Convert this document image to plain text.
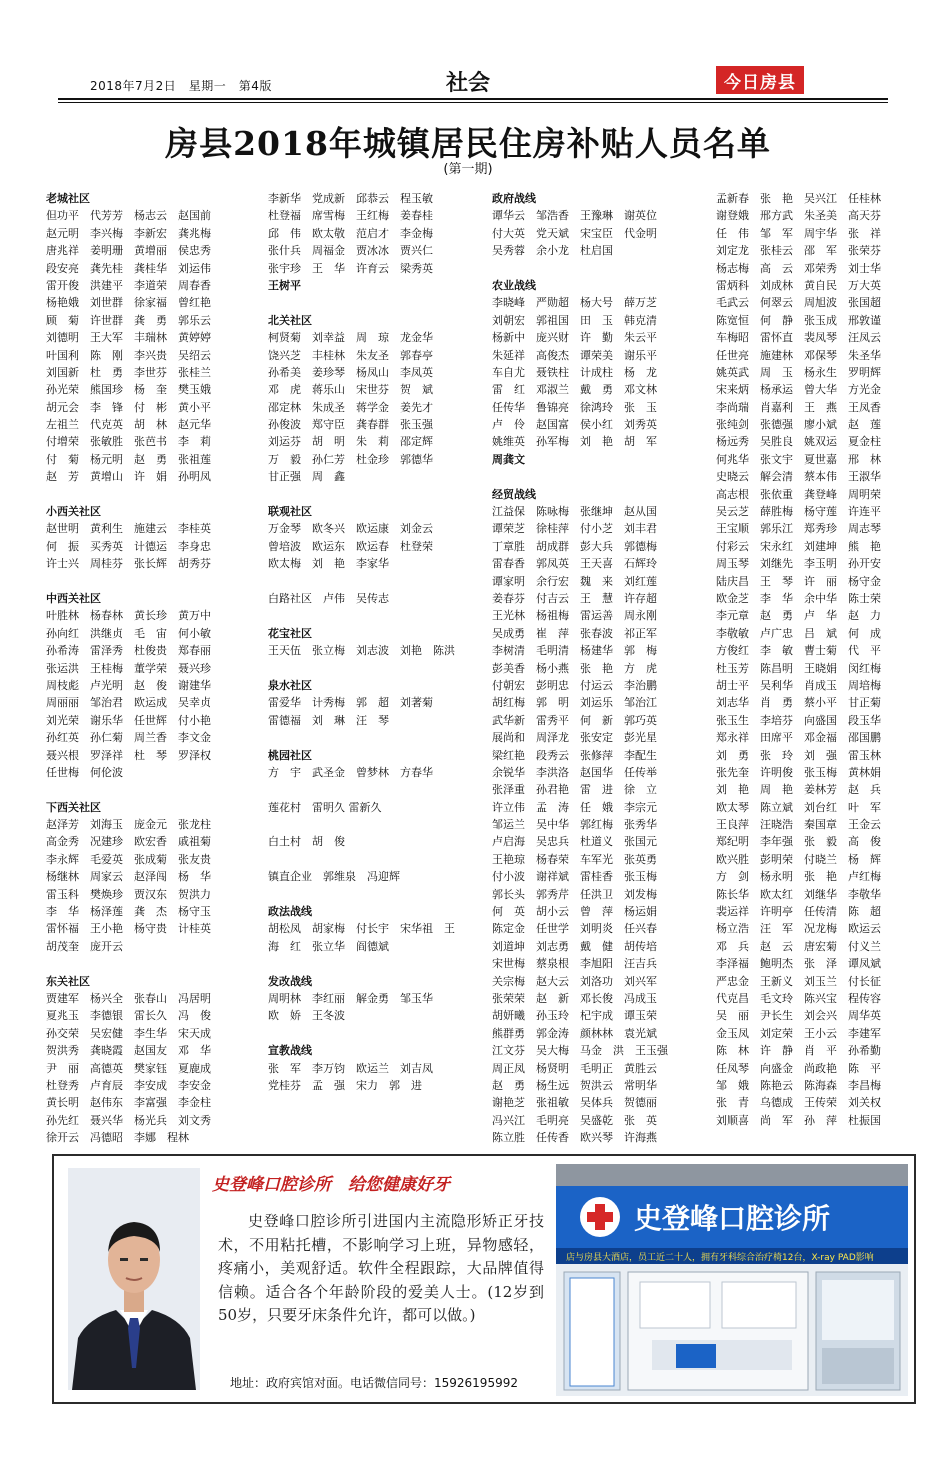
2018年7月2日　星期一　第4版	社会	今日房县
房县2018年城镇居民住房补贴人员名单
(第一期)
老城社区
但功平　代芳芳　杨志云　赵国前
赵元明　李兴梅　李新宏　龚兆梅
唐兆祥　姜明珊　黄增丽　侯忠秀
段安亮　龚先桂　龚桂华　刘运伟
雷开俊　洪建平　李道荣　周春香
杨艳娥　刘世群　徐家福　曾红艳
顾　菊　许世群　龚　勇　郭乐云
刘德明　王大军　丰瑞林　黄婷婷
叶国利　陈　刚　李兴贵　吴绍云
刘国新　杜　勇　李世芬　张桂兰
孙光荣　熊国珍　杨　奎　樊玉娥
胡元会　李　锋　付　彬　黄小平
左祖兰　代克英　胡　林　赵元华
付增荣　张敏胜　张芭书　李　莉
付　菊　杨元明　赵　勇　张祖莲
赵　芳　黄增山　许　娟　孙明凤
小西关社区
赵世明　黄利生　施建云　李桂英
何　振　买秀英　计德运　李身忠
许士兴　周桂芬　张长辉　胡秀芬
中西关社区
叶胜林　杨春林　黄长珍　黄万中
孙向红　洪继贞　毛　宙　何小敏
孙希涛　雷泽秀　杜俊贵　郑春丽
张运洪　王桂梅　董学荣　聂兴珍
周枝彪　卢光明　赵　俊　谢建华
周丽丽　邹治君　欧运成　吴幸贞
刘光荣　谢乐华　任世辉　付小艳
孙红英　孙仁菊　周兰香　李文金
聂兴根　罗泽祥　杜　琴　罗泽权
任世梅　何伦波
下西关社区
赵泽芳　刘海玉　庞金元　张龙柱
高金秀　况建珍　欧宏香　戚祖菊
李永辉　毛爱英　张成菊　张友贵
杨继林　周家云　赵泽闯　杨　华
雷玉科　樊焕珍　贾汉东　贺洪力
李　华　杨泽莲　龚　杰　杨守玉
雷怀福　王小艳　杨守贵　计桂英
胡茂奎　庞开云
东关社区
贾建军　杨兴全　张春山　冯居明
夏兆玉　李德银　雷长久　冯　俊
孙交荣　吴宏健　李生华　宋天成
贺洪秀　龚晓霞　赵国友　邓　华
尹　丽　高德英　樊家钰　夏鹿成
杜登秀　卢育辰　李安成　李安金
黄长明　赵伟东　李富强　李金柱
孙先红　聂兴华　杨光兵　刘文秀
徐开云　冯德昭　李娜　程林
李新华　党成新　邱恭云　程玉敏
杜登福　席雪梅　王红梅　姜春桂
邱　伟　欧太敬　范启才　李金梅
张什兵　周福金　贾冰冰　贾兴仁
张宇珍　王　华　许育云　梁秀英
王树平
北关社区
柯贤菊　刘幸益　周　琼　龙金华
饶兴芝　丰桂林　朱友圣　郭春亭
孙希美　姜珍琴　杨凤山　李凤英
邓　虎　蒋乐山　宋世芬　贺　斌
邵定林　朱成圣　蒋学金　姜先才
孙俊波　郑守臣　龚春群　张玉强
刘运芬　胡　明　朱　莉　邵定辉
万　毅　孙仁芳　杜金珍　郭德华
甘正强　周　鑫
联观社区
万金琴　欧冬兴　欧运康　刘金云
曾培波　欧运东　欧运春　杜登荣
欧太梅　刘　艳　李家华
白路社区　卢伟　吴传志
花宝社区
王天伍　张立梅　刘志波　刘艳　陈洪
泉水社区
雷爱华　计秀梅　郭　超　刘著菊
雷德福　刘　琳　汪　琴
桃园社区
方　宇　武圣金　曾梦林　方春华
莲花村　雷明久 雷新久
白土村　胡　俊
镇直企业　郭维泉　冯迎辉
政法战线
胡松凤　胡家梅　付长宇　宋华祖　王
海　红　张立华　阎德斌
发改战线
周明林　李红丽　解金勇　邹玉华
欧　娇　王冬波
宣教战线
张　军　李万钧　欧运兰　刘吉凤
党桂芬　孟　强　宋力　郭　进
政府战线
谭华云　邹浩香　王豫琳　谢英位
付大英　党天斌　宋宝臣　代金明
吴秀蓉　余小龙　杜启国
农业战线
李晓峰　严勋超　杨大号　薛万芝
刘朝宏　郭祖国　田　玉　韩克清
杨新中　庞兴财　许　勤　朱云平
朱延祥　高俊杰　谭荣美　谢乐平
车自尤　聂铁柱　计成柱　杨　龙
雷　红　邓淑兰　戴　勇　邓文林
任传华　鲁锦亮　徐鸿玲　张　玉
卢　伶　赵国富　侯小红　刘秀英
姚维英　孙军梅　刘　艳　胡　军
周龚文
经贸战线
江益保　陈咏梅　张继坤　赵从国
谭荣芝　徐桂萍　付小芝　刘丰君
丁章胜　胡成群　彭大兵　郭德梅
雷春香　郭凤英　王天喜　石辉玲
谭家明　余行宏　魏　来　刘红莲
姜春芬　付吉云　王　慧　许存超
王光林　杨祖梅　雷运善　周永刚
吴成勇　崔　萍　张春波　祁正军
李树清　毛明清　杨建华　郭　梅
彭美香　杨小燕　张　艳　方　虎
付朝宏　彭明忠　付运云　李治鹏
胡红梅　郭　明　刘运乐　邹治江
武华新　雷秀平　何　新　郭巧英
展尚和　周泽龙　张安定　彭光星
梁红艳　段秀云　张修萍　李配生
余锐华　李洪洛　赵国华　任传举
张泽重　孙君艳　雷　进　徐　立
许立伟　孟　涛　任　娥　李宗元
邹运兰　吴中华　郭红梅　张秀华
卢启海　吴忠兵　杜道义　张国元
王艳琼　杨春荣　车军光　张英勇
付小波　谢祥斌　雷桂香　张玉梅
郭长头　郭秀芹　任洪卫　刘发梅
何　英　胡小云　曾　萍　杨运娟
陈定金　任世学　刘明炎　任兴春
刘道坤　刘志勇　戴　健　胡传培
宋世梅　蔡泉根　李旭阳　汪吉兵
关宗梅　赵大云　刘洛功　刘兴军
张荣荣　赵　新　邓长俊　冯成玉
胡妍曦　孙玉玲　杞宇成　谭玉荣
熊群勇　郭金涛　颜林林　袁光斌
江文芬　吴大梅　马金　洪　王玉强
周正凤　杨贤明　毛明正　黄胜云
赵　勇　杨生远　贺洪云　常明华
谢艳芝　张祖敏　吴体兵　贺德丽
冯兴江　毛明亮　吴盛乾　张　英
陈立胜　任传香　欧兴琴　许海燕
孟新春　张　艳　吴兴江　任桂林
谢登娥　邢方武　朱圣美　高天芬
任　伟　邹　军　周宇华　张　祥
刘定龙　张桂云　邵　军　张荣芬
杨志梅　高　云　邓荣秀　刘士华
雷炳科　刘成林　黄自民　万大英
毛武云　何翠云　周旭波　张国超
陈宽恒　何　静　张玉成　邢敦谨
车梅昭　雷怀直　裴凤琴　汪凤云
任世亮　施建林　邓保琴　朱圣华
姚英武　周　玉　杨永生　罗明辉
宋来炳　杨承运　曾大华　方光金
李尚瑞　肖嘉利　王　燕　王凤香
张纯剑　张德强　廖小斌　赵　莲
杨远秀　吴胜良　姚双运　夏金柱
何兆华　张文宇　夏世嘉　邢　林
史晓云　解会清　蔡本伟　王淑华
高志根　张依重　龚登峰　周明荣
吴云芝　薛胜梅　杨守莲　许连平
王宝顺　郭乐江　郑秀珍　周志琴
付彩云　宋永红　刘建坤　熊　艳
周玉琴　刘继先　李玉明　孙开安
陆庆昌　王　琴　许　丽　杨守金
欧金芝　李　华　余中华　陈士荣
李元章　赵　勇　卢　华　赵　力
李敬敏　卢广忠　吕　斌　何　成
方俊红　李　敏　曹士菊　代　平
杜玉芳　陈昌明　王晓娟　闵红梅
胡士平　吴利华　肖成玉　周培梅
刘志华　肖　勇　蔡小平　甘正菊
张玉生　李培芬　向盛国　段玉华
郑永祥　田席平　邓金福　邵国鹏
刘　勇　张　玲　刘　强　雷玉林
张先奎　许明俊　张玉梅　黄林娟
刘　艳　周　艳　姜林芳　赵　兵
欧太琴　陈立斌　刘台红　叶　军
王良萍　汪晓浩　秦国章　王金云
郑纪明　李年强　张　毅　高　俊
欧兴胜　彭明荣　付晓兰　杨　辉
方　剑　杨永明　张　艳　卢红梅
陈长华　欧太红　刘继华　李敬华
裴运祥　许明亭　任传清　陈　超
杨立浩　汪　军　况龙梅　欧运云
邓　兵　赵　云　唐宏菊　付义兰
李泽福　鲍明杰　张　泽　谭凤斌
严忠金　王新义　刘玉兰　付长征
代克昌　毛文玲　陈兴宝　程传容
吴　丽　尹长生　刘会兴　周华英
金玉凤　刘定荣　王小云　李建军
陈　林　许　静　肖　平　孙希勤
任凤琴　向盛金　尚政艳　陈　平
邹　娥　陈艳云　陈海森　李昌梅
张　青　乌德成　王传荣　刘关权
刘顺喜　尚　军　孙　萍　杜振国
史登峰口腔诊所　给您健康好牙
史登峰口腔诊所引进国内主流隐形矫正牙技术，不用粘托槽，不影响学习上班，异物感轻，疼痛小，美观舒适。软件全程跟踪，大品牌值得信赖。适合各个年龄阶段的爱美人士。(12岁到50岁，只要牙床条件允许，都可以做。)
地址：政府宾馆对面。电话微信同号：15926195992
史登峰口腔诊所
店与房县大酒店，员工近二十人，拥有牙科综合治疗椅12台，X-ray PAD影响
